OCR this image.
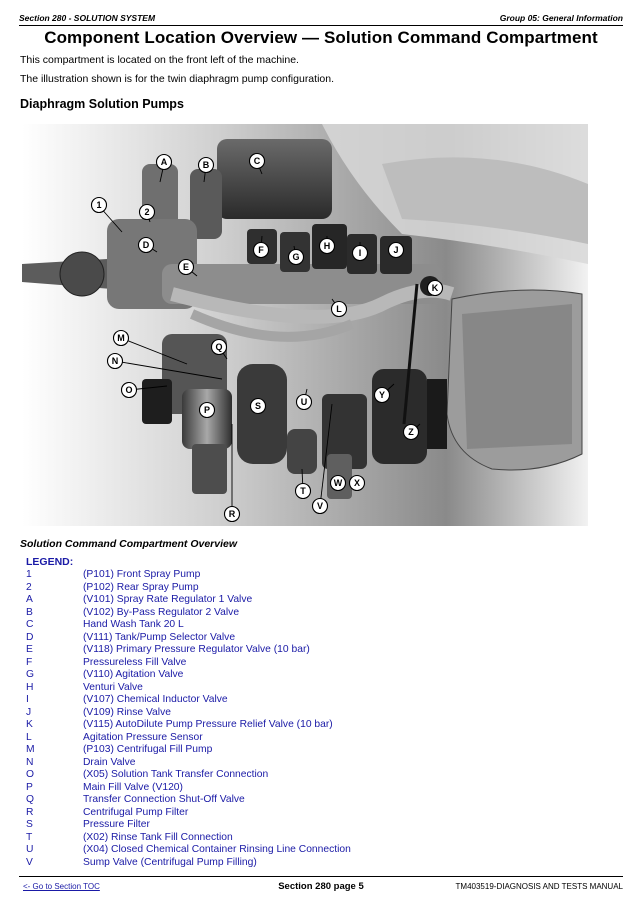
Section 280 - SOLUTION SYSTEM	Group 05: General Information
Component Location Overview — Solution Command Compartment
This compartment is located on the front left of the machine.
The illustration shown is for the twin diaphragm pump configuration.
Diaphragm Solution Pumps
A	B	C
1
2
D
E
F
G
H
I	J
K
L
M
N
O
P
Q
R
S
T
U
V
W X
Y
Z
Solution Command Compartment Overview
LEGEND:
1	(P101) Front Spray Pump
2	(P102) Rear Spray Pump
A	(V101) Spray Rate Regulator 1 Valve
B	(V102) By-Pass Regulator 2 Valve
C	Hand Wash Tank 20 L
D	(V111) Tank/Pump Selector Valve
E	(V118) Primary Pressure Regulator Valve (10 bar)
F	Pressureless Fill Valve
G	(V110) Agitation Valve
H	Venturi Valve
I	(V107) Chemical Inductor Valve
J	(V109) Rinse Valve
K	(V115) AutoDilute Pump Pressure Relief Valve (10 bar)
L	Agitation Pressure Sensor
M	(P103) Centrifugal Fill Pump
N	Drain Valve
O	(X05) Solution Tank Transfer Connection
P	Main Fill Valve (V120)
Q	Transfer Connection Shut-Off Valve
R	Centrifugal Pump Filter
S	Pressure Filter
T	(X02) Rinse Tank Fill Connection
U	(X04) Closed Chemical Container Rinsing Line Connection
V	Sump Valve (Centrifugal Pump Filling)
<- Go to Section TOC	Section 280 page 5	TM403519-DIAGNOSIS AND TESTS MANUAL
